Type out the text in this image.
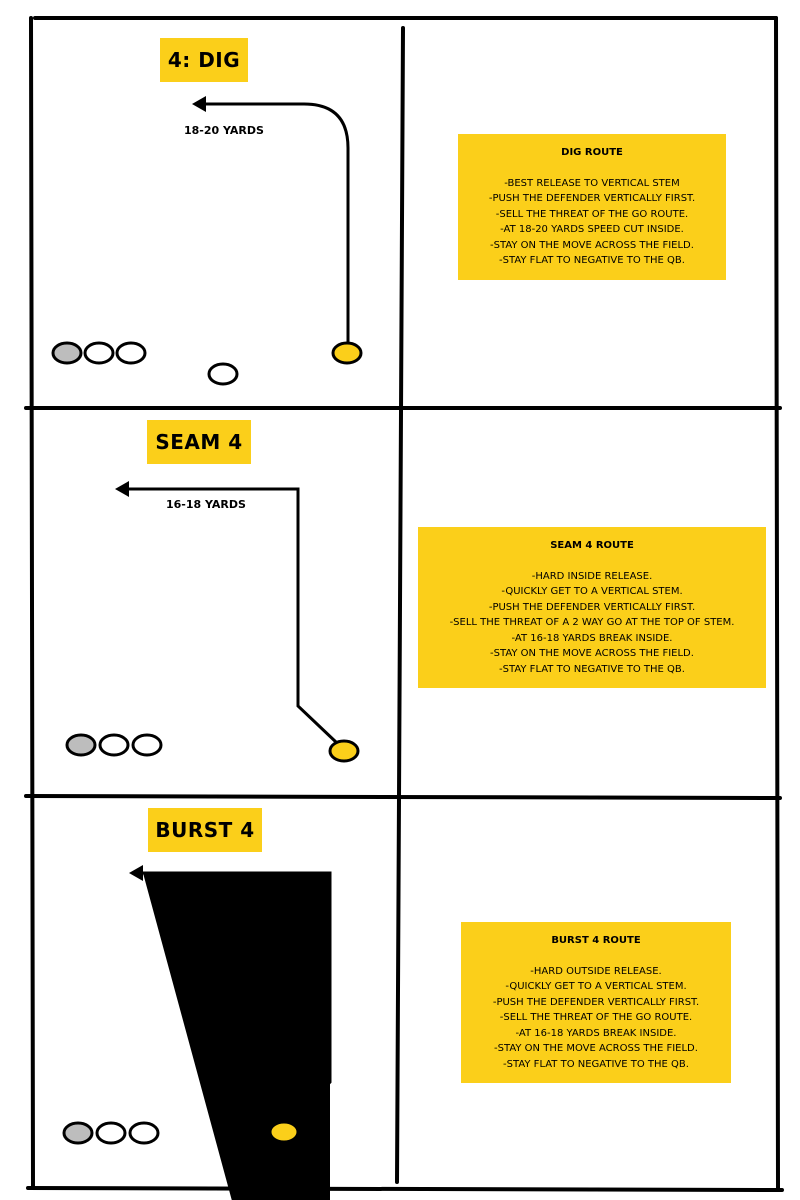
4: DIG
18-20 YARDS
DIG ROUTE
-BEST RELEASE TO VERTICAL STEM
-PUSH THE DEFENDER VERTICALLY FIRST.
-SELL THE THREAT OF THE GO ROUTE.
-AT 18-20 YARDS SPEED CUT INSIDE.
-STAY ON THE MOVE ACROSS THE FIELD.
-STAY FLAT TO NEGATIVE TO THE QB.
SEAM 4
16-18 YARDS
SEAM 4 ROUTE
-HARD INSIDE RELEASE.
-QUICKLY GET TO A VERTICAL STEM.
-PUSH THE DEFENDER VERTICALLY FIRST.
-SELL THE THREAT OF A 2 WAY GO AT THE TOP OF STEM.
-AT 16-18 YARDS BREAK INSIDE.
-STAY ON THE MOVE ACROSS THE FIELD.
-STAY FLAT TO NEGATIVE TO THE QB.
BURST 4
BURST 4 ROUTE
-HARD OUTSIDE RELEASE.
-QUICKLY GET TO A VERTICAL STEM.
-PUSH THE DEFENDER VERTICALLY FIRST.
-SELL THE THREAT OF THE GO ROUTE.
-AT 16-18 YARDS BREAK INSIDE.
-STAY ON THE MOVE ACROSS THE FIELD.
-STAY FLAT TO NEGATIVE TO THE QB.
